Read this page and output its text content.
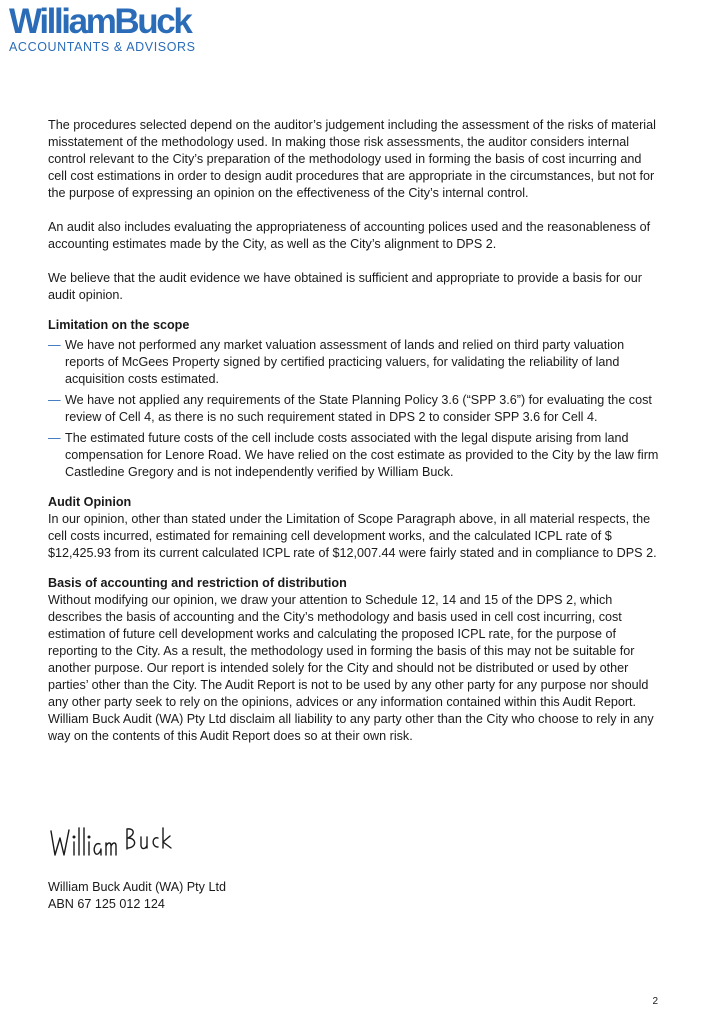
WilliamBuck
ACCOUNTANTS & ADVISORS

The procedures selected depend on the auditor’s judgement including the assessment of the risks of material misstatement of the methodology used. In making those risk assessments, the auditor considers internal control relevant to the City’s preparation of the methodology used in forming the basis of cost incurring and cell cost estimations in order to design audit procedures that are appropriate in the circumstances, but not for the purpose of expressing an opinion on the effectiveness of the City’s internal control.

An audit also includes evaluating the appropriateness of accounting polices used and the reasonableness of accounting estimates made by the City, as well as the City’s alignment to DPS 2.

We believe that the audit evidence we have obtained is sufficient and appropriate to provide a basis for our audit opinion.

Limitation on the scope
— We have not performed any market valuation assessment of lands and relied on third party valuation reports of McGees Property signed by certified practicing valuers, for validating the reliability of land acquisition costs estimated.
— We have not applied any requirements of the State Planning Policy 3.6 (“SPP 3.6”) for evaluating the cost review of Cell 4, as there is no such requirement stated in DPS 2 to consider SPP 3.6 for Cell 4.
— The estimated future costs of the cell include costs associated with the legal dispute arising from land compensation for Lenore Road. We have relied on the cost estimate as provided to the City by the law firm Castledine Gregory and is not independently verified by William Buck.
Audit Opinion

In our opinion, other than stated under the Limitation of Scope Paragraph above, in all material respects, the cell costs incurred, estimated for remaining cell development works, and the calculated ICPL rate of $ $12,425.93 from its current calculated ICPL rate of $12,007.44 were fairly stated and in compliance to DPS 2.

Basis of accounting and restriction of distribution

Without modifying our opinion, we draw your attention to Schedule 12, 14 and 15 of the DPS 2, which describes the basis of accounting and the City’s methodology and basis used in cell cost incurring, cost estimation of future cell development works and calculating the proposed ICPL rate, for the purpose of reporting to the City. As a result, the methodology used in forming the basis of this may not be suitable for another purpose. Our report is intended solely for the City and should not be distributed or used by other parties’ other than the City. The Audit Report is not to be used by any other party for any purpose nor should any other party seek to rely on the opinions, advices or any information contained within this Audit Report.

William Buck Audit (WA) Pty Ltd disclaim all liability to any party other than the City who choose to rely in any way on the contents of this Audit Report does so at their own risk.

William Buck Audit (WA) Pty Ltd
ABN 67 125 012 124
2
